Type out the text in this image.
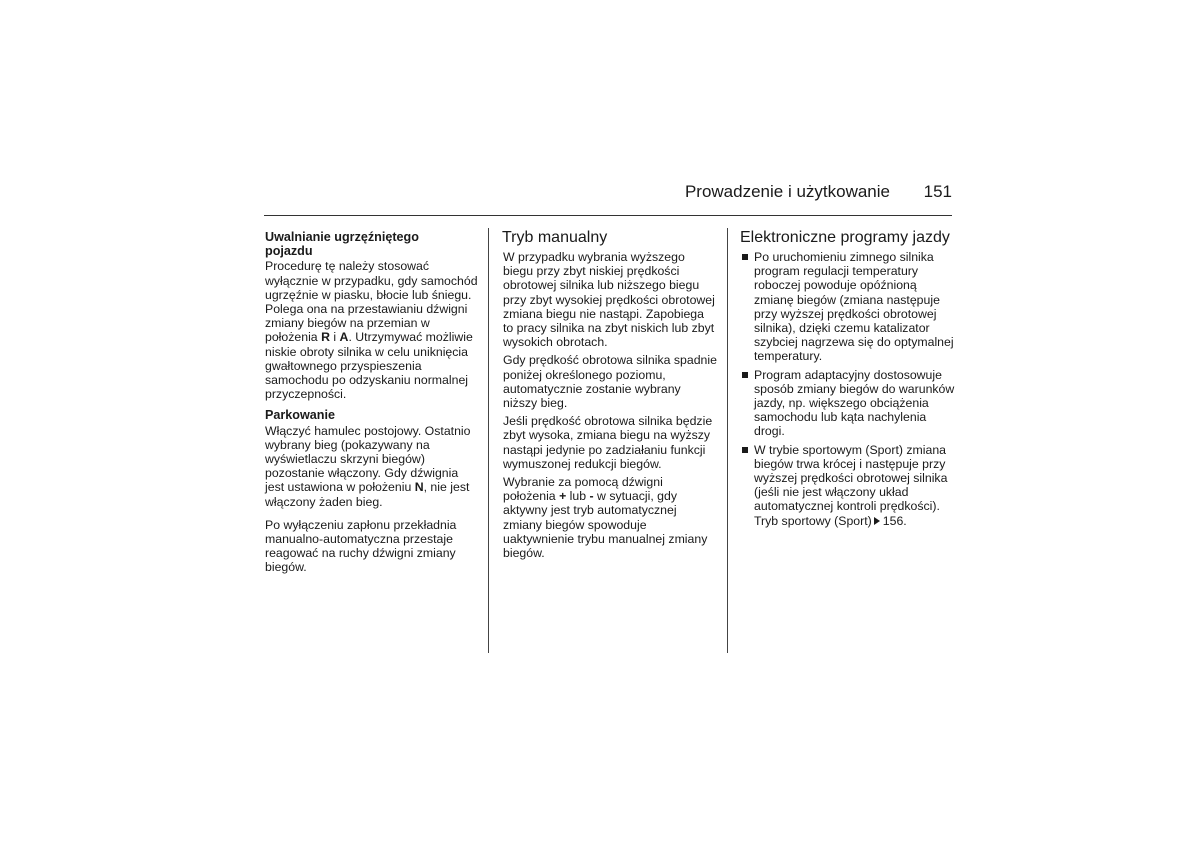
Prowadzenie i użytkowanie 151
Uwalnianie ugrzęźniętego
pojazdu

Procedurę tę należy stosować wyłącznie w przypadku, gdy samochód ugrzęźnie w piasku, błocie lub śniegu. Polega ona na przestawianiu dźwigni zmiany biegów na przemian w położenia R i A. Utrzymywać możliwie niskie obroty silnika w celu uniknięcia gwałtownego przyspieszenia samochodu po odzyskaniu normalnej przyczepności.

Parkowanie

Włączyć hamulec postojowy. Ostatnio wybrany bieg (pokazywany na wyświetlaczu skrzyni biegów) pozostanie włączony. Gdy dźwignia jest ustawiona w położeniu N, nie jest włączony żaden bieg.

Po wyłączeniu zapłonu przekładnia manualno-automatyczna przestaje reagować na ruchy dźwigni zmiany biegów.

Tryb manualny

W przypadku wybrania wyższego biegu przy zbyt niskiej prędkości obrotowej silnika lub niższego biegu przy zbyt wysokiej prędkości obrotowej zmiana biegu nie nastąpi. Zapobiega to pracy silnika na zbyt niskich lub zbyt wysokich obrotach.

Gdy prędkość obrotowa silnika spadnie poniżej określonego poziomu, automatycznie zostanie wybrany niższy bieg.

Jeśli prędkość obrotowa silnika będzie zbyt wysoka, zmiana biegu na wyższy nastąpi jedynie po zadziałaniu funkcji wymuszonej redukcji biegów.

Wybranie za pomocą dźwigni położenia + lub - w sytuacji, gdy aktywny jest tryb automatycznej zmiany biegów spowoduje uaktywnienie trybu manualnej zmiany biegów.

Elektroniczne programy jazdy
Po uruchomieniu zimnego silnika program regulacji temperatury roboczej powoduje opóźnioną zmianę biegów (zmiana następuje przy wyższej prędkości obrotowej silnika), dzięki czemu katalizator szybciej nagrzewa się do optymalnej temperatury.
Program adaptacyjny dostosowuje sposób zmiany biegów do warunków jazdy, np. większego obciążenia samochodu lub kąta nachylenia drogi.
W trybie sportowym (Sport) zmiana biegów trwa krócej i następuje przy wyższej prędkości obrotowej silnika (jeśli nie jest włączony układ automatycznej kontroli prędkości). Tryb sportowy (Sport) 156.
